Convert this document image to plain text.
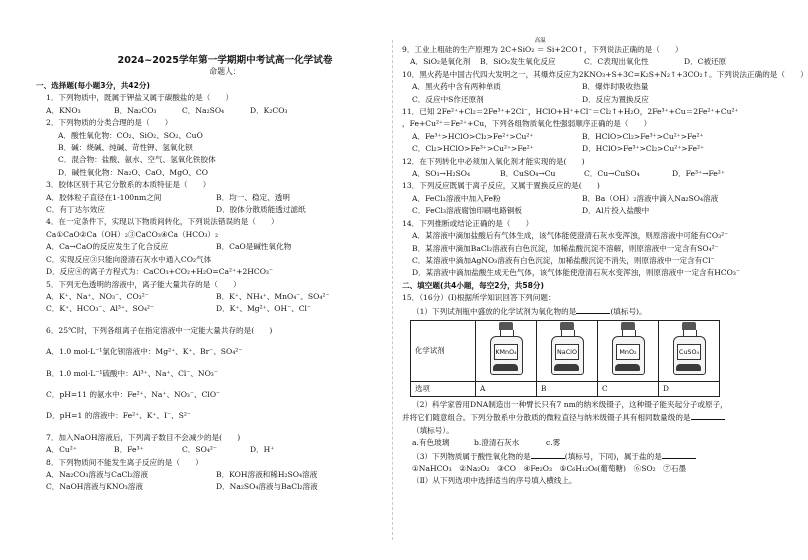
2024~2025学年第一学期期中考试高一化学试卷
命题人：
一、选择题(每小题3分，共42分)
1．下列物质中，既属于钾盐又属于碳酸盐的是（　　）
A．KNO₃	B．Na₂CO₃	C．Na₂SO₄	D．K₂CO₃
2．下列物质的分类合理的是（　　）
A．酸性氧化物：CO₂、SiO₂、SO₂、CuO
B．碱：烧碱、纯碱、苛性钾、氢氧化钡
C．混合物：盐酸、氨水、空气、氢氧化铁胶体
D．碱性氧化物：Na₂O、CaO、MgO、CO
3．胶体区别于其它分散系的本质特征是（　　）
A．胶体粒子直径在1-100nm之间	B．均一、稳定、透明
C．有丁达尔效应	D．胶体分散质能透过滤纸
4．在一定条件下，实现以下物质间转化，下列说法错误的是（　　）
Ca①CaO②Ca（OH）₂③CaCO₃④Ca（HCO₃）₂
A．Ca→CaO的反应发生了化合反应	B．CaO是碱性氧化物
C．实现反应③只能向澄清石灰水中通入CO₂气体
D．反应④的离子方程式为：CaCO₃+CO₂+H₂O=Ca²⁺+2HCO₃⁻
5．下列无色透明的溶液中，离子能大量共存的是（　　）
A．K⁺、Na⁺、NO₃⁻、CO₃²⁻	B．K⁺、NH₄⁺、MnO₄⁻、SO₄²⁻
C．K⁺、HCO₃⁻、Al³⁺、SO₄²⁻	D．K⁺、Mg²⁺、OH⁻、Cl⁻
6．25℃时，下列各组离子在指定溶液中一定能大量共存的是(　　)
A．1.0 mol·L⁻¹氯化钡溶液中：Mg²⁺、K⁺、Br⁻、SO₄²⁻
B．1.0 mol·L⁻¹硫酸中：Al³⁺、Na⁺、Cl⁻、NO₃⁻
C．pH=11 的氨水中：Fe²⁺、Na⁺、NO₃⁻、ClO⁻
D．pH=1 的溶液中：Fe²⁺、K⁺、I⁻、S²⁻
7．加入NaOH溶液后，下列离子数目不会减少的是(　　)
A．Cu²⁺	B．Fe³⁺	C．SO₄²⁻	D．H⁺
8．下列物质间不能发生离子反应的是（　　）
A．Na₂CO₃溶液与CaCl₂溶液	B．KOH溶液和稀H₂SO₄溶液
C．NaOH溶液与KNO₃溶液	D．Na₂SO₄溶液与BaCl₂溶液
9．工业上粗硅的生产原理为 2C+SiO₂
高温
＝ Si+2CO↑，下列说法正确的是（　　）
A．SiO₂是氧化剂	B．SiO₂发生氧化反应	C．C表现出氧化性	D．C被还原
10．黑火药是中国古代四大发明之一，其爆炸反应为2KNO₃+S+3C=K₂S+N₂↑+3CO₂↑。下列说法正确的是（　　）
A．黑火药中含有两种单质	B．爆炸时吸收热量
C．反应中S作还原剂	D．反应为置换反应
11．已知 2Fe²⁺+Cl₂＝2Fe³⁺+2Cl⁻，HClO+H⁺+Cl⁻＝Cl₂↑+H₂O，2Fe³⁺+Cu＝2Fe²⁺+Cu²⁺
，Fe+Cu²⁺＝Fe²⁺+Cu，下列各组物质氧化性强弱顺序正确的是（　　）
A．Fe³⁺>HClO>Cl₂>Fe²⁺>Cu²⁺	B．HClO>Cl₂>Fe³⁺>Cu²⁺>Fe²⁺
C．Cl₂>HClO>Fe³⁺>Cu²⁺>Fe²⁺	D．HClO>Fe³⁺>Cl₂>Cu²⁺>Fe²⁺
12．在下列转化中必须加入氧化剂才能实现的是(　　)
A．SO₃→H₂SO₄	B．CuSO₄→Cu	C．Cu→CuSO₄	D．Fe³⁺→Fe²⁺
13．下列反应既属于离子反应，又属于置换反应的是(　　)
A．FeCl₃溶液中加入Fe粉	B．Ba（OH）₂溶液中滴入Na₂SO₄溶液
C．FeCl₃溶液腐蚀印刷电路铜板	D．Al片投入盐酸中
14．下列推断或结论正确的是（　　）
A．某溶液中滴加盐酸后有气体生成，该气体能使澄清石灰水变浑浊，则原溶液中可能有CO₃²⁻
B．某溶液中滴加BaCl₂溶液有白色沉淀，加稀盐酸沉淀不溶解，则原溶液中一定含有SO₄²⁻
C．某溶液中滴加AgNO₃溶液有白色沉淀，加稀盐酸沉淀不消失，则原溶液中一定含有Cl⁻
D．某溶液中滴加盐酸生成无色气体，该气体能使澄清石灰水变浑浊，则原溶液中一定含有HCO₃⁻
二、填空题(共4小题，每空2分，共58分)
15．（16分）(Ⅰ)根据所学知识回答下列问题：
（1）下列试剂瓶中盛放的化学试剂为氧化物的是	(填标号)。
化学试剂	KMnO₄	NaClO	MnO₂	CuSO₄

选项	A	B	C	D
（2）科学家曾用DNA制造出一种臂长只有7 nm的纳米级镊子，这种镊子能夹起分子或原子，
并将它们随意组合。下列分散系中分散质的微粒直径与纳米级镊子具有相同数量级的是
（填标号）。
a.有色玻璃	b.澄清石灰水	c.雾
（3）下列物质属于酸性氧化物的是	(填标号，下同)，属于盐的是
①NaHCO₃　②Na₂O₂　③CO　④Fe₂O₃　⑤C₆H₁₂O₆(葡萄糖)　⑥SO₂　⑦石墨
（Ⅱ）从下列选项中选择适当的序号填入横线上。
